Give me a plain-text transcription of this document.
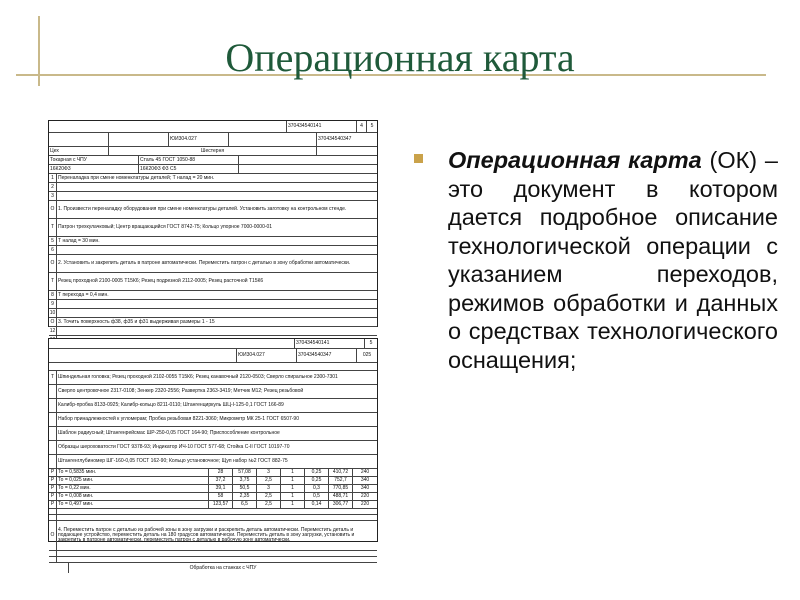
Операционная карта
370434540141	4	5
ЮИ304.027	370434540347
Цех	Шестерня
Токарная с ЧПУ	Сталь 45 ГОСТ 1050-88
16К20Ф3	16К20Ф3 Ф3 С5
1 Переналадка при смене номенклатуры деталей; Т налад = 20 мин.
2
3
О 1. Произвести переналадку оборудования при смене номенклатуры деталей. Установить заготовку на контрольном стенде.
Т Патрон трехкулачковый; Центр вращающийся ГОСТ 8742-75; Кольцо упорное 7000-0000-01
5 Т налад = 30 мин.
6
О 2. Установить и закрепить деталь в патроне автоматически. Переместить патрон с деталью в зону обработки автоматически.
Т Резец проходной 2100-0005 Т15К6; Резец подрезной 2112-0005; Резец расточной Т15К6
8 Т перехода = 0,4 мин.
9
10
О 3. Точить поверхность ф38, ф35 и ф31 выдерживая размеры 1 - 15
12
370434540141	5
ЮИ304.027	370434540347	025
Т Шпиндельная головка; Резец проходной 2102-0055 Т15К6; Резец канавочный 2120-0503; Сверло спиральное 2300-7301
Сверло центровочное 2317-0108; Зенкер 2320-2556; Развертка 2363-3419; Метчик М12; Резец резьбовой
Калибр-пробка 8133-0925; Калибр-кольцо 8211-0110; Штангенциркуль ШЦ-I-125-0,1 ГОСТ 166-89
Набор принадлежностей к угломерам; Пробка резьбовая 8221-3060; Микрометр МК 25-1 ГОСТ 6507-90
Шаблон радиусный; Штангенрейсмас ШР-250-0,05 ГОСТ 164-90; Приспособление контрольное
Образцы шероховатости ГОСТ 9378-93; Индикатор ИЧ-10 ГОСТ 577-68; Стойка С-II ГОСТ 10197-70
Штангенглубиномер ШГ-160-0,05 ГОСТ 162-90; Кольцо установочное; Щуп набор №2 ГОСТ 882-75
Р То = 0,5835 мин.	28	57,08	3	1	0,25	410,72	240
Р То = 0,025 мин.	37,2	3,75	2,5	1	0,25	752,7	340
Р То = 0,22 мин.	39,1	50,5	3	1	0,3	770,85	340
Р То = 0,008 мин.	58	2,35	2,5	1	0,5	488,71	220
Р То = 0,497 мин.	123,57	6,5	2,5	1	0,14	306,77	220
О
4. Переместить патрон с деталью из рабочей зоны в зону загрузки и раскрепить деталь автоматически. Переместить деталь и подающее устройство, переместить деталь на 180 градусов автоматически. Переместить деталь в зону загрузки, установить и закрепить в патроне автоматически, переместить патрон с деталью в рабочую зону автоматически.
Обработка на станках с ЧПУ
Операционная карта (ОК) – это документ в котором дается подробное описание технологической операции с указанием переходов, режимов обработки и данных о средствах технологического оснащения;
